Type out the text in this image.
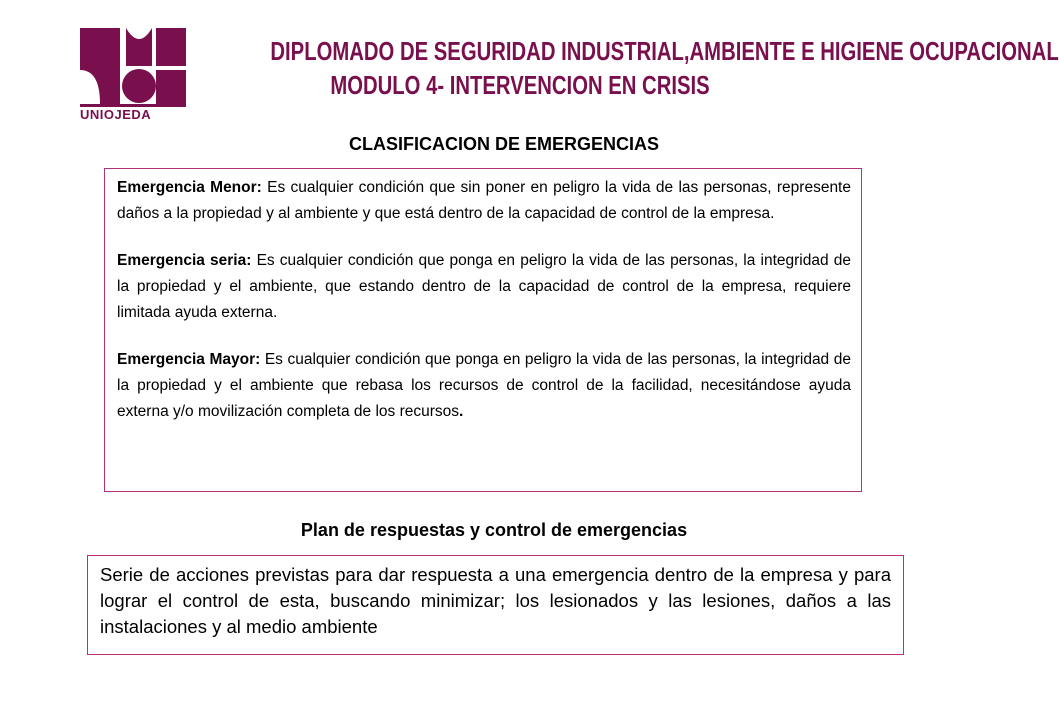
UNIOJEDA
DIPLOMADO DE SEGURIDAD INDUSTRIAL,AMBIENTE E HIGIENE OCUPACIONAL
MODULO 4- INTERVENCION EN CRISIS
CLASIFICACION DE EMERGENCIAS

Emergencia Menor: Es cualquier condición que sin poner en peligro la vida de las personas, represente daños a la propiedad y al ambiente y que está dentro de la capacidad de control de la empresa.

Emergencia seria: Es cualquier condición que ponga en peligro la vida de las personas, la integridad de la propiedad y el ambiente, que estando dentro de la capacidad de control de la empresa, requiere limitada ayuda externa.

Emergencia Mayor: Es cualquier condición que ponga en peligro la vida de las personas, la integridad de la propiedad y el ambiente que rebasa los recursos de control de la facilidad, necesitándose ayuda externa y/o movilización completa de los recursos.

Plan de respuestas y control de emergencias
Serie de acciones previstas para dar respuesta a una emergencia dentro de la empresa y para lograr el control de esta, buscando minimizar; los lesionados y las lesiones, daños a las instalaciones y al medio ambiente
